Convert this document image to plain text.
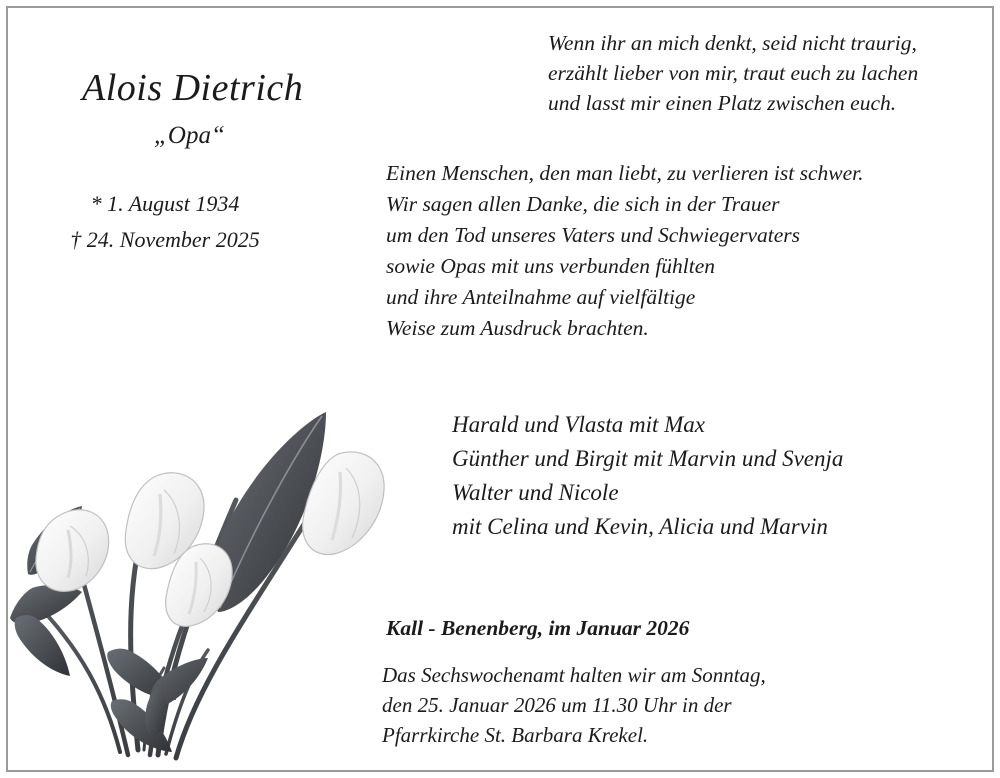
Alois Dietrich
„Opa“
* 1. August 1934
† 24. November 2025
Wenn ihr an mich denkt, seid nicht traurig,
erzählt lieber von mir, traut euch zu lachen
und lasst mir einen Platz zwischen euch.
Einen Menschen, den man liebt, zu verlieren ist schwer.
Wir sagen allen Danke, die sich in der Trauer
um den Tod unseres Vaters und Schwiegervaters
sowie Opas mit uns verbunden fühlten
und ihre Anteilnahme auf vielfältige
Weise zum Ausdruck brachten.
Harald und Vlasta mit Max
Günther und Birgit mit Marvin und Svenja
Walter und Nicole
mit Celina und Kevin, Alicia und Marvin
Kall - Benenberg, im Januar 2026
Das Sechswochenamt halten wir am Sonntag,
den 25. Januar 2026 um 11.30 Uhr in der
Pfarrkirche St. Barbara Krekel.
